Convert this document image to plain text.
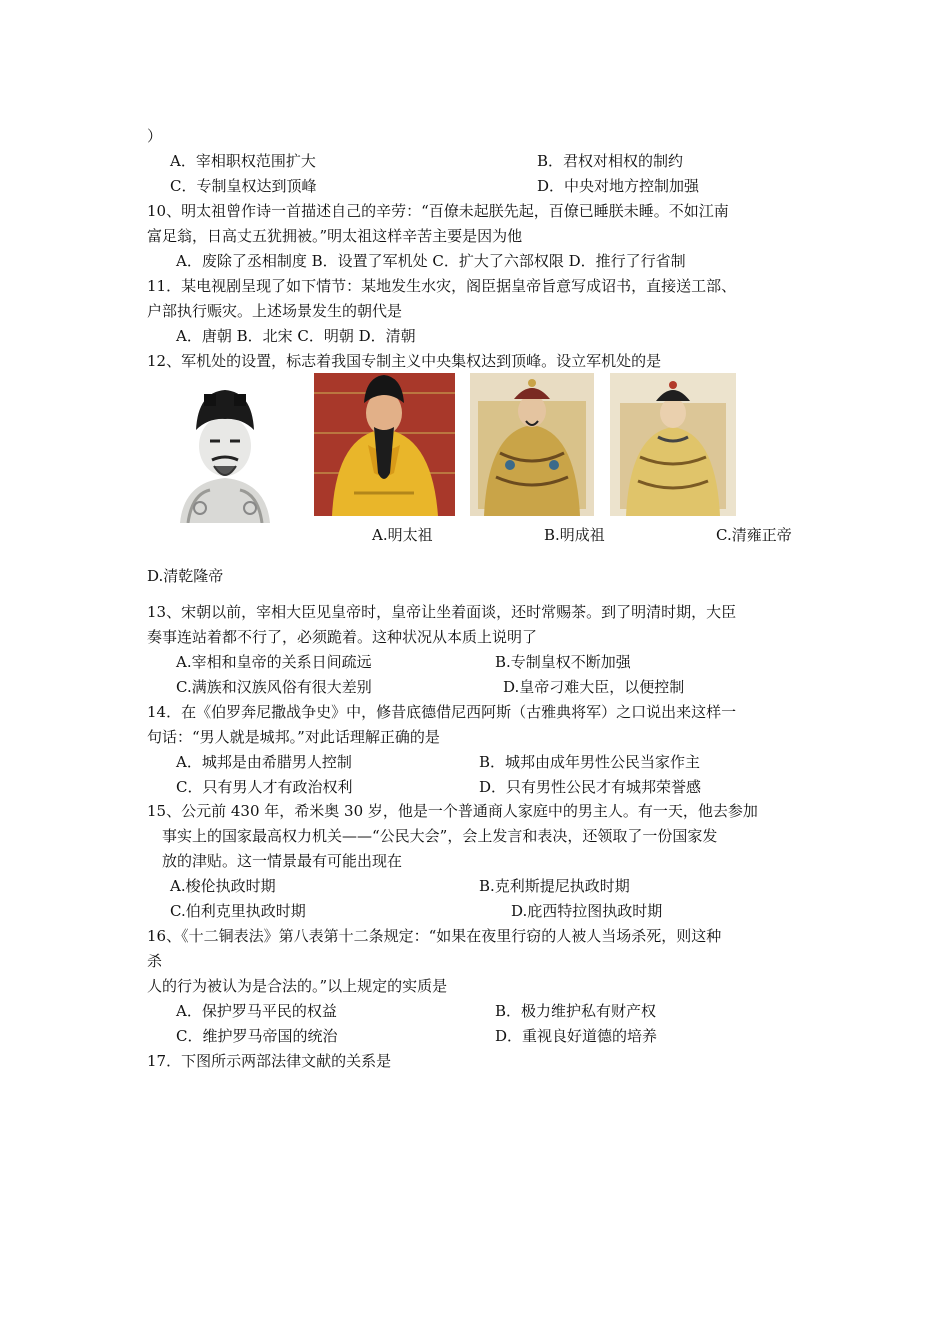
）
A．宰相职权范围扩大	B．君权对相权的制约
C．专制皇权达到顶峰	D．中央对地方控制加强
10、明太祖曾作诗一首描述自己的辛劳：“百僚未起朕先起，百僚已睡朕未睡。不如江南
富足翁，日高丈五犹拥被。”明太祖这样辛苦主要是因为他
A．废除了丞相制度 B．设置了军机处 C．扩大了六部权限 D．推行了行省制
11．某电视剧呈现了如下情节：某地发生水灾，阁臣据皇帝旨意写成诏书，直接送工部、
户部执行赈灾。上述场景发生的朝代是
A．唐朝 B．北宋 C．明朝 D．清朝
12、军机处的设置，标志着我国专制主义中央集权达到顶峰。设立军机处的是
A.明太祖	B.明成祖	C.清雍正帝
D.清乾隆帝
13、宋朝以前，宰相大臣见皇帝时，皇帝让坐着面谈，还时常赐茶。到了明清时期，大臣
奏事连站着都不行了，必须跪着。这种状况从本质上说明了
A.宰相和皇帝的关系日间疏远	B.专制皇权不断加强
C.满族和汉族风俗有很大差别	D.皇帝刁难大臣，以便控制
14．在《伯罗奔尼撒战争史》中，修昔底德借尼西阿斯（古雅典将军）之口说出来这样一
句话：“男人就是城邦。”对此话理解正确的是
A．城邦是由希腊男人控制	B．城邦由成年男性公民当家作主
C．只有男人才有政治权利	D．只有男性公民才有城邦荣誉感
15、公元前 430 年，希米奥 30 岁，他是一个普通商人家庭中的男主人。有一天，他去参加
事实上的国家最高权力机关——“公民大会”，会上发言和表决，还领取了一份国家发
放的津贴。这一情景最有可能出现在
A.梭伦执政时期	B.克利斯提尼执政时期
C.伯利克里执政时期	D.庇西特拉图执政时期
16、《十二铜表法》第八表第十二条规定：“如果在夜里行窃的人被人当场杀死，则这种
杀
人的行为被认为是合法的。”以上规定的实质是
A．保护罗马平民的权益	B．极力维护私有财产权
C．维护罗马帝国的统治	D．重视良好道德的培养
17．下图所示两部法律文献的关系是
